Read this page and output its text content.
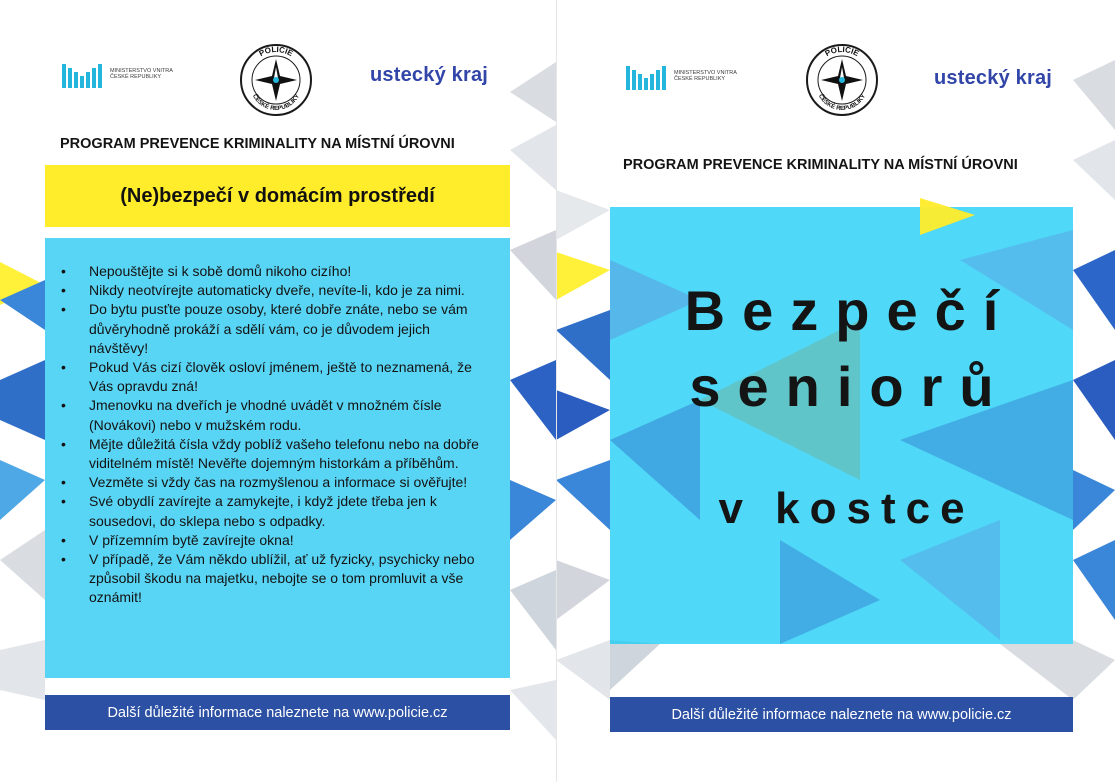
MINISTERSTVO VNITRA ČESKÉ REPUBLIKY
POLICIE
ČESKÉ REPUBLIKY
ustecký kraj
PROGRAM PREVENCE KRIMINALITY NA MÍSTNÍ ÚROVNI
(Ne)bezpečí v domácím prostředí
• Nepouštějte si k sobě domů nikoho cizího!
• Nikdy neotvírejte automaticky dveře, nevíte-li, kdo je za nimi.
• Do bytu pusťte pouze osoby, které dobře znáte, nebo se vám důvěryhodně prokáží a sdělí vám, co je důvodem jejich návštěvy!
• Pokud Vás cizí člověk osloví jménem, ještě to neznamená, že Vás opravdu zná!
• Jmenovku na dveřích je vhodné uvádět v množném čísle (Novákovi) nebo v mužském rodu.
• Mějte důležitá čísla vždy poblíž vašeho telefonu nebo na dobře viditelném místě! Nevěřte dojemným historkám a příběhům.
• Vezměte si vždy čas na rozmyšlenou a informace si ověřujte!
• Své obydlí zavírejte a zamykejte, i když jdete třeba jen k sousedovi, do sklepa nebo s odpadky.
• V přízemním bytě zavírejte okna!
• V případě, že Vám někdo ublížil, ať už fyzicky, psychicky nebo způsobil škodu na majetku, nebojte se o tom promluvit a vše oznámit!
Další důležité informace naleznete na www.policie.cz
MINISTERSTVO VNITRA ČESKÉ REPUBLIKY
POLICIE
ČESKÉ REPUBLIKY
ustecký kraj
PROGRAM PREVENCE KRIMINALITY NA MÍSTNÍ ÚROVNI
Bezpečí
seniorů
v kostce
Další důležité informace naleznete na www.policie.cz
